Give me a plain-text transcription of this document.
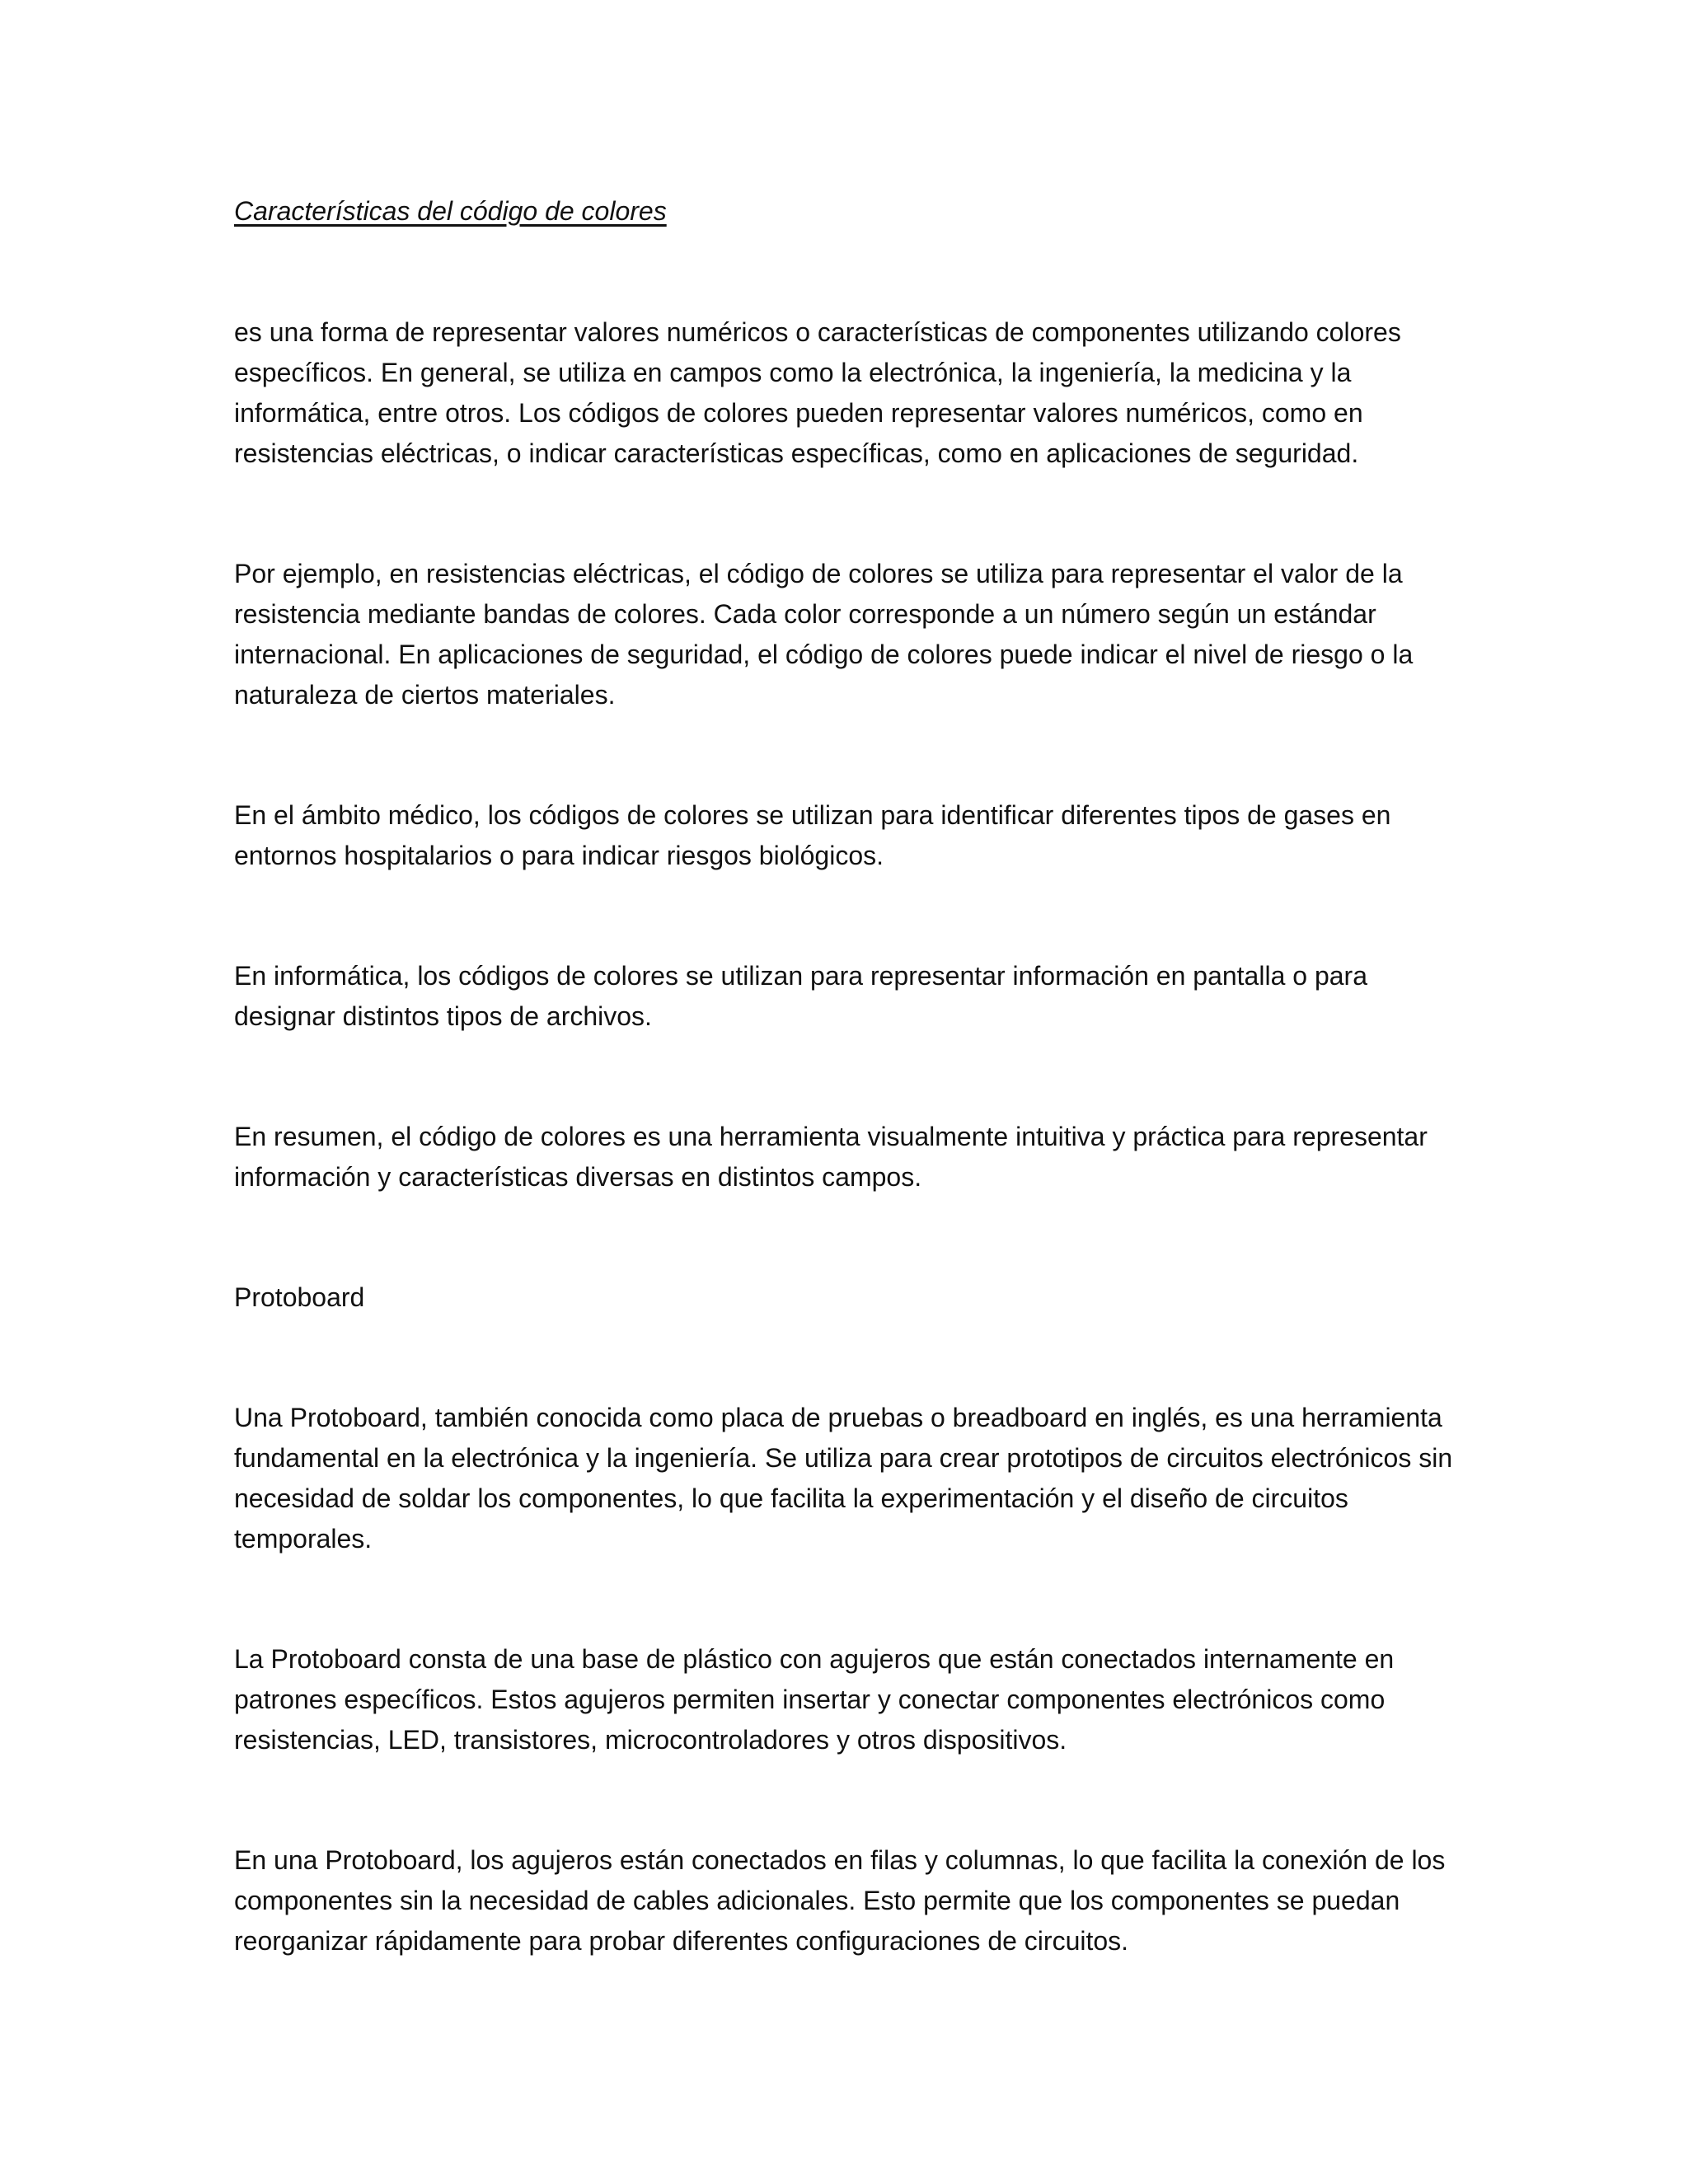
Características del código de colores

es una forma de representar valores numéricos o características de componentes utilizando colores específicos. En general, se utiliza en campos como la electrónica, la ingeniería, la medicina y la informática, entre otros. Los códigos de colores pueden representar valores numéricos, como en resistencias eléctricas, o indicar características específicas, como en aplicaciones de seguridad.

Por ejemplo, en resistencias eléctricas, el código de colores se utiliza para representar el valor de la resistencia mediante bandas de colores. Cada color corresponde a un número según un estándar internacional. En aplicaciones de seguridad, el código de colores puede indicar el nivel de riesgo o la naturaleza de ciertos materiales.

En el ámbito médico, los códigos de colores se utilizan para identificar diferentes tipos de gases en entornos hospitalarios o para indicar riesgos biológicos.

En informática, los códigos de colores se utilizan para representar información en pantalla o para designar distintos tipos de archivos.

En resumen, el código de colores es una herramienta visualmente intuitiva y práctica para representar información y características diversas en distintos campos.

Protoboard

Una Protoboard, también conocida como placa de pruebas o breadboard en inglés, es una herramienta fundamental en la electrónica y la ingeniería. Se utiliza para crear prototipos de circuitos electrónicos sin necesidad de soldar los componentes, lo que facilita la experimentación y el diseño de circuitos temporales.

La Protoboard consta de una base de plástico con agujeros que están conectados internamente en patrones específicos. Estos agujeros permiten insertar y conectar componentes electrónicos como resistencias, LED, transistores, microcontroladores y otros dispositivos.

En una Protoboard, los agujeros están conectados en filas y columnas, lo que facilita la conexión de los componentes sin la necesidad de cables adicionales. Esto permite que los componentes se puedan reorganizar rápidamente para probar diferentes configuraciones de circuitos.
